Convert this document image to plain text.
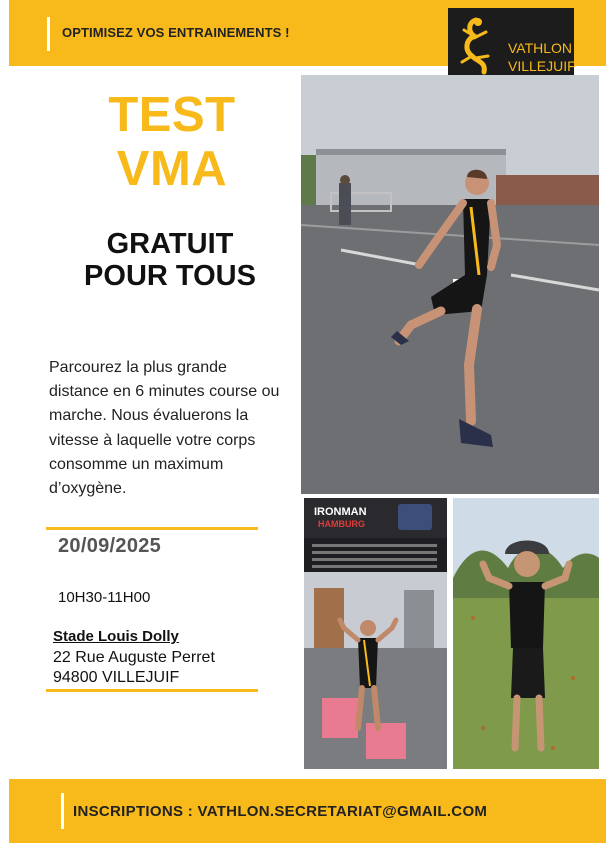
OPTIMISEZ VOS ENTRAINEMENTS !
VATHLON
VILLEJUIF
TEST
VMA
GRATUIT
POUR TOUS
Parcourez la plus grande distance en 6 minutes course ou marche. Nous évaluerons la vitesse à laquelle votre corps consomme un maximum d’oxygène.
20/09/2025
10H30-11H00
Stade Louis Dolly
22 Rue Auguste Perret
94800 VILLEJUIF
IRONMAN
HAMBURG
INSCRIPTIONS : VATHLON.SECRETARIAT@GMAIL.COM
